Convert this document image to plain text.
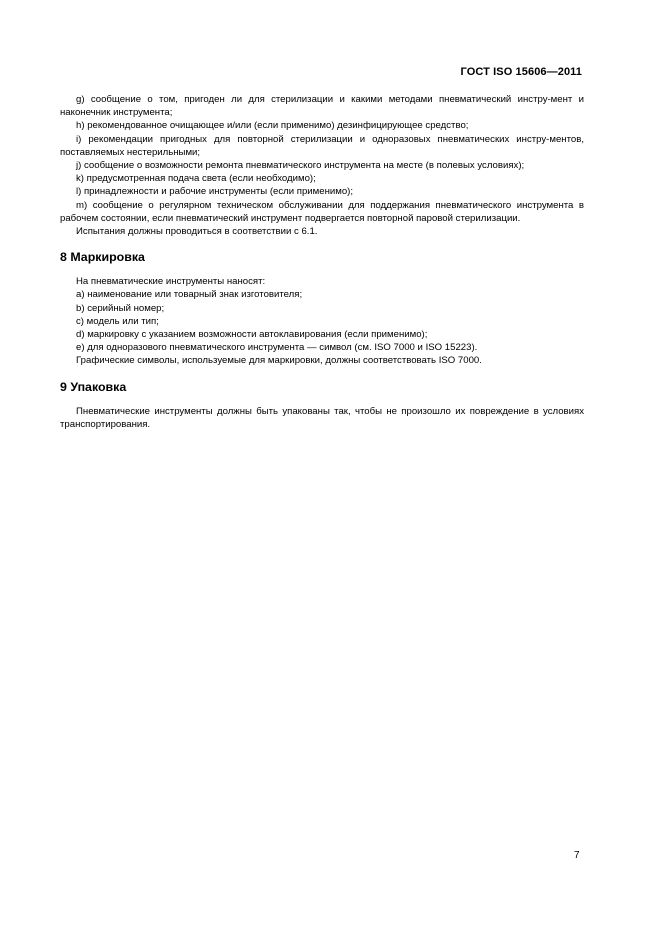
ГОСТ ISO 15606—2011

g) сообщение о том, пригоден ли для стерилизации и какими методами пневматический инстру-мент и наконечник инструмента;

h) рекомендованное очищающее и/или (если применимо) дезинфицирующее средство;

i) рекомендации пригодных для повторной стерилизации и одноразовых пневматических инстру-ментов, поставляемых нестерильными;

j) сообщение о возможности ремонта пневматического инструмента на месте (в полевых условиях);

k) предусмотренная подача света (если необходимо);

l) принадлежности и рабочие инструменты (если применимо);

m) сообщение о регулярном техническом обслуживании для поддержания пневматического инструмента в рабочем состоянии, если пневматический инструмент подвергается повторной паровой стерилизации.

Испытания должны проводиться в соответствии с 6.1.

8 Маркировка

На пневматические инструменты наносят:

а) наименование или товарный знак изготовителя;

b) серийный номер;

с) модель или тип;

d) маркировку с указанием возможности автоклавирования (если применимо);

е) для одноразового пневматического инструмента — символ (см. ISO 7000 и ISO 15223).

Графические символы, используемые для маркировки, должны соответствовать ISO 7000.

9 Упаковка

Пневматические инструменты должны быть упакованы так, чтобы не произошло их повреждение в условиях транспортирования.

7
